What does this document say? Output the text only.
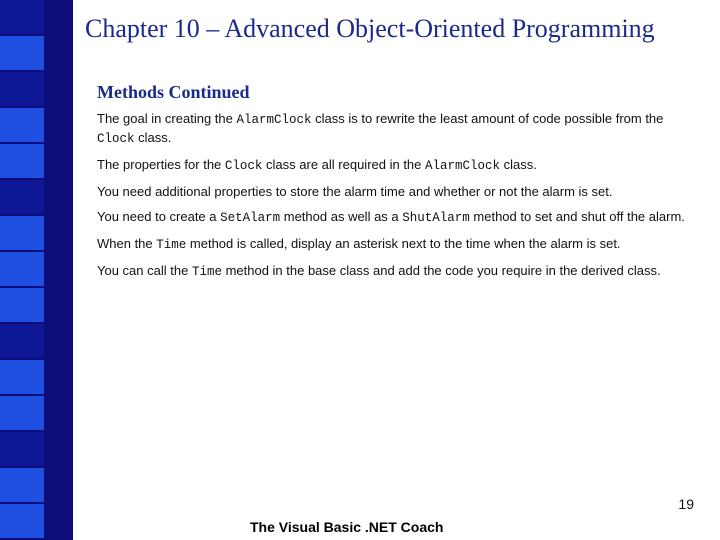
Chapter 10 – Advanced Object-Oriented Programming
Methods Continued

The goal in creating the AlarmClock class is to rewrite the least amount of code possible from the Clock class.

The properties for the Clock class are all required in the AlarmClock class.

You need additional properties to store the alarm time and whether or not the alarm is set.

You need to create a SetAlarm method as well as a ShutAlarm method to set and shut off the alarm.

When the Time method is called, display an asterisk next to the time when the alarm is set.

You can call the Time method in the base class and add the code you require in the derived class.

19
The Visual Basic .NET Coach
